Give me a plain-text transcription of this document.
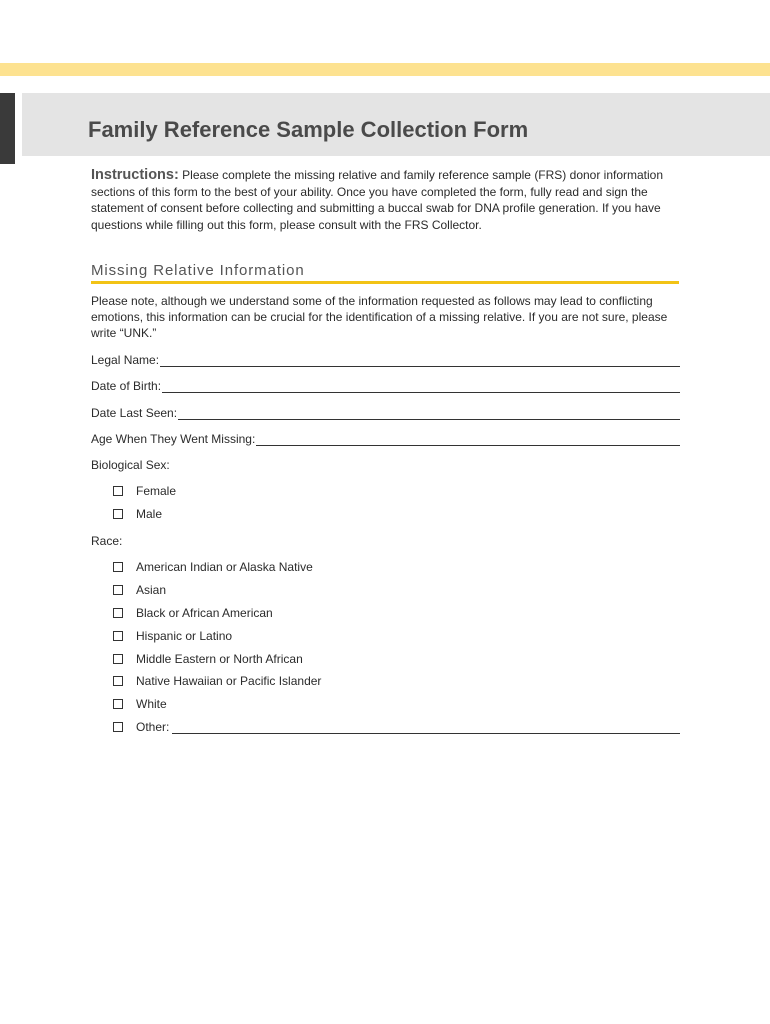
Family Reference Sample Collection Form

Instructions: Please complete the missing relative and family reference sample (FRS) donor information sections of this form to the best of your ability. Once you have completed the form, fully read and sign the statement of consent before collecting and submitting a buccal swab for DNA profile generation. If you have questions while filling out this form, please consult with the FRS Collector.

Missing Relative Information

Please note, although we understand some of the information requested as follows may lead to conflicting emotions, this information can be crucial for the identification of a missing relative. If you are not sure, please write “UNK.”

Legal Name:
Date of Birth:
Date Last Seen:
Age When They Went Missing:

Biological Sex:

Female
Male

Race:

American Indian or Alaska Native
Asian
Black or African American
Hispanic or Latino
Middle Eastern or North African
Native Hawaiian or Pacific Islander
White
Other:
